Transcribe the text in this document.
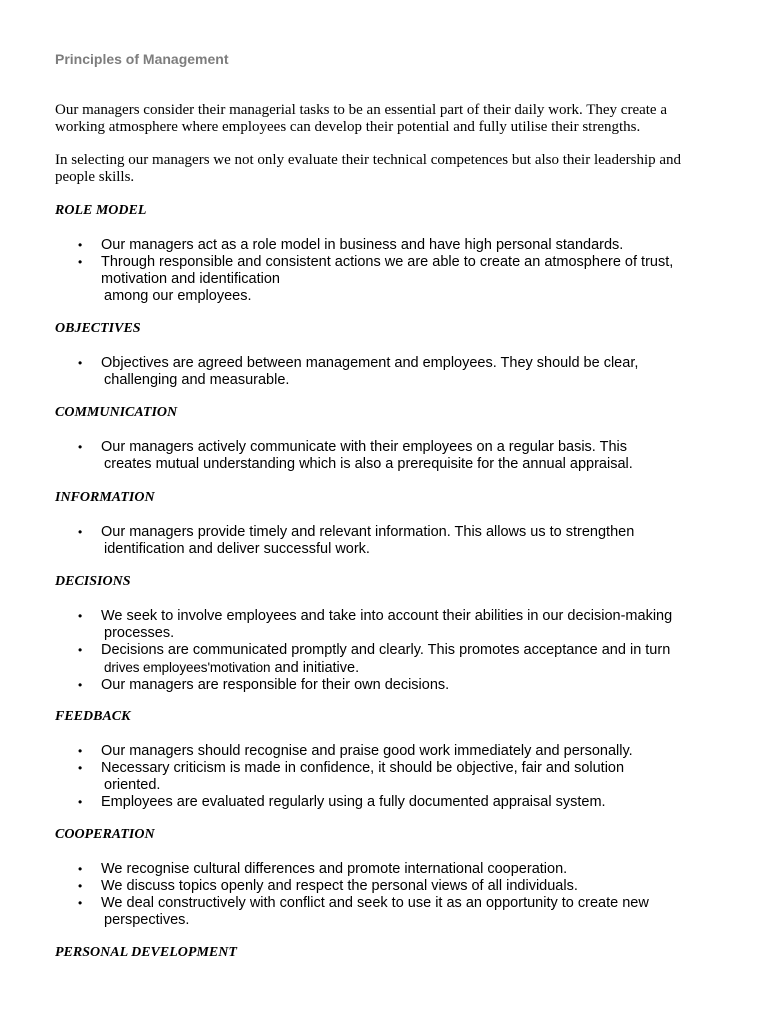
Principles of Management
Our managers consider their managerial tasks to be an essential part of their daily work. They create a working atmosphere where employees can develop their potential and fully utilise their strengths.
In selecting our managers we not only evaluate their technical competences but also their leadership and people skills.
ROLE MODEL
• Our managers act as a role model in business and have high personal standards.
• Through responsible and consistent actions we are able to create an atmosphere of trust,
motivation and identification
among our employees.
OBJECTIVES
• Objectives are agreed between management and employees. They should be clear,
challenging and measurable.
COMMUNICATION
• Our managers actively communicate with their employees on a regular basis. This
creates mutual understanding which is also a prerequisite for the annual appraisal.
INFORMATION
• Our managers provide timely and relevant information. This allows us to strengthen
identification and deliver successful work.
DECISIONS
• We seek to involve employees and take into account their abilities in our decision-making
processes.
• Decisions are communicated promptly and clearly. This promotes acceptance and in turn
drives employees'motivation and initiative.
• Our managers are responsible for their own decisions.
FEEDBACK
• Our managers should recognise and praise good work immediately and personally.
• Necessary criticism is made in confidence, it should be objective, fair and solution
oriented.
• Employees are evaluated regularly using a fully documented appraisal system.
COOPERATION
• We recognise cultural differences and promote international cooperation.
• We discuss topics openly and respect the personal views of all individuals.
• We deal constructively with conflict and seek to use it as an opportunity to create new
perspectives.
PERSONAL DEVELOPMENT
